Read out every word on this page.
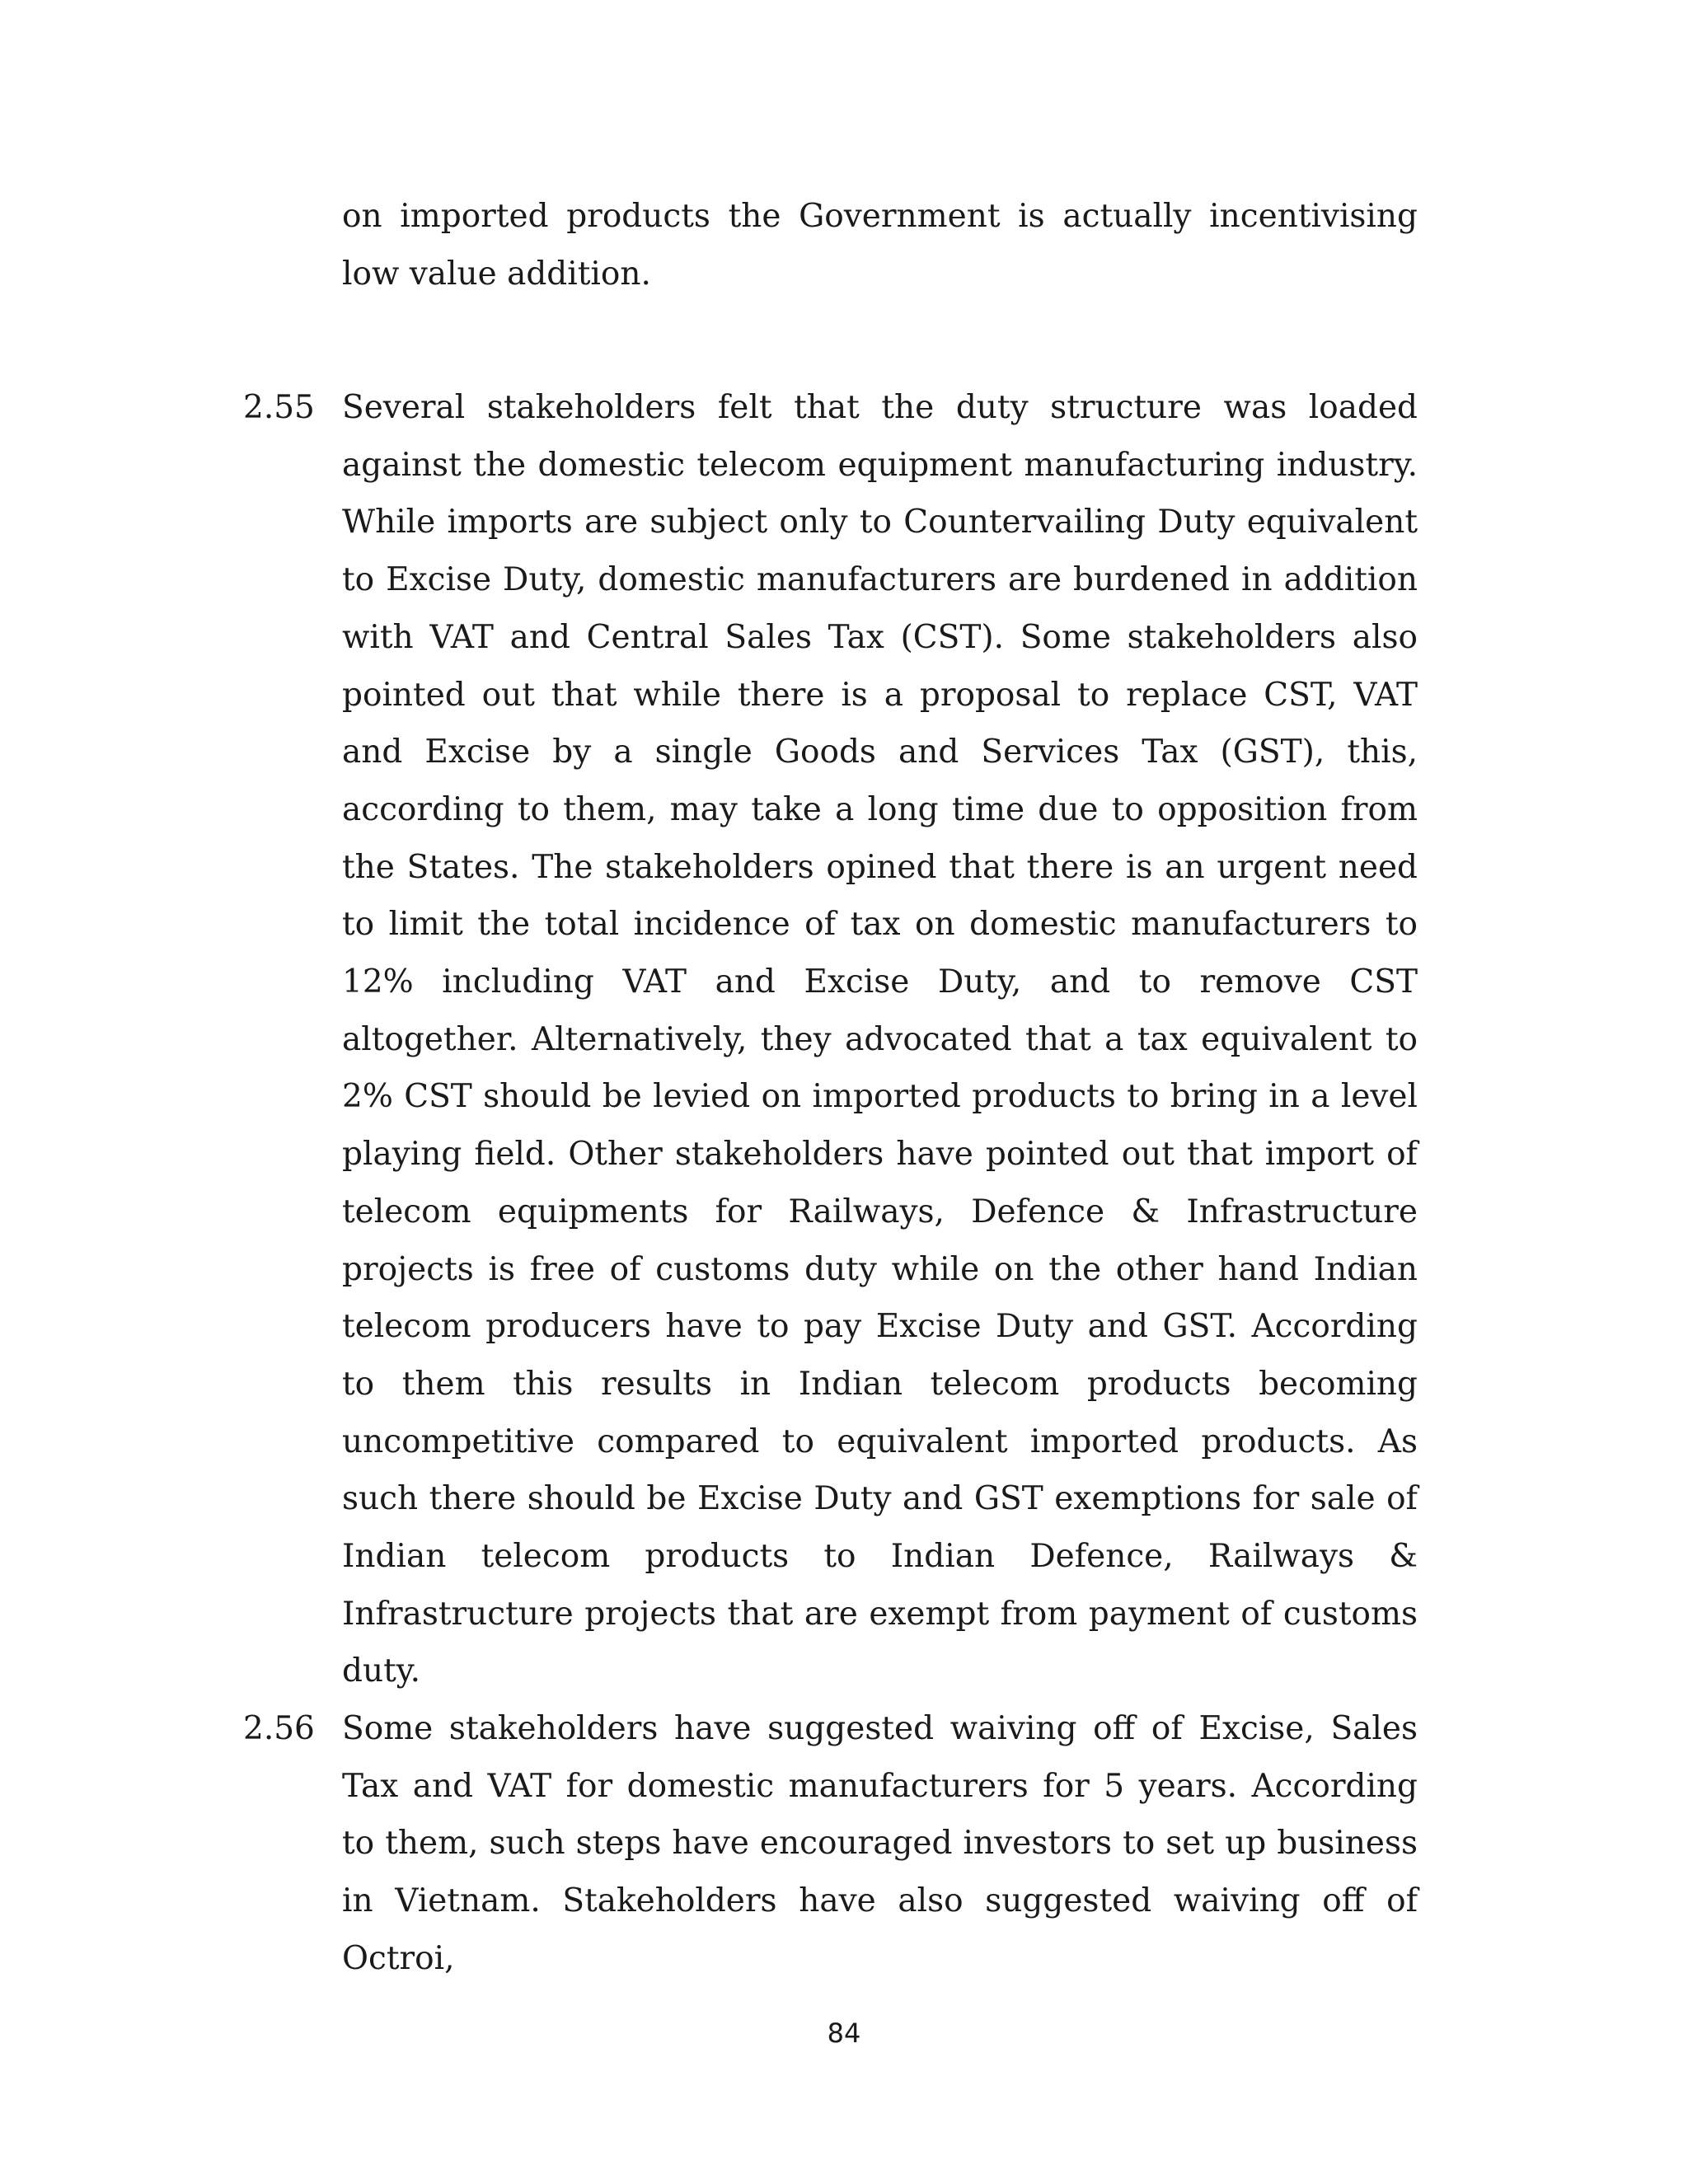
on imported products the Government is actually incentivising low value addition.

2.55 Several stakeholders felt that the duty structure was loaded against the domestic telecom equipment manufacturing industry. While imports are subject only to Countervailing Duty equivalent to Excise Duty, domestic manufacturers are burdened in addition with VAT and Central Sales Tax (CST). Some stakeholders also pointed out that while there is a proposal to replace CST, VAT and Excise by a single Goods and Services Tax (GST), this, according to them, may take a long time due to opposition from the States. The stakeholders opined that there is an urgent need to limit the total incidence of tax on domestic manufacturers to 12% including VAT and Excise Duty, and to remove CST altogether. Alternatively, they advocated that a tax equivalent to 2% CST should be levied on imported products to bring in a level playing field. Other stakeholders have pointed out that import of telecom equipments for Railways, Defence & Infrastructure projects is free of customs duty while on the other hand Indian telecom producers have to pay Excise Duty and GST. According to them this results in Indian telecom products becoming uncompetitive compared to equivalent imported products. As such there should be Excise Duty and GST exemptions for sale of Indian telecom products to Indian Defence, Railways & Infrastructure projects that are exempt from payment of customs duty.

2.56 Some stakeholders have suggested waiving off of Excise, Sales Tax and VAT for domestic manufacturers for 5 years. According to them, such steps have encouraged investors to set up business in Vietnam. Stakeholders have also suggested waiving off of Octroi,

84
